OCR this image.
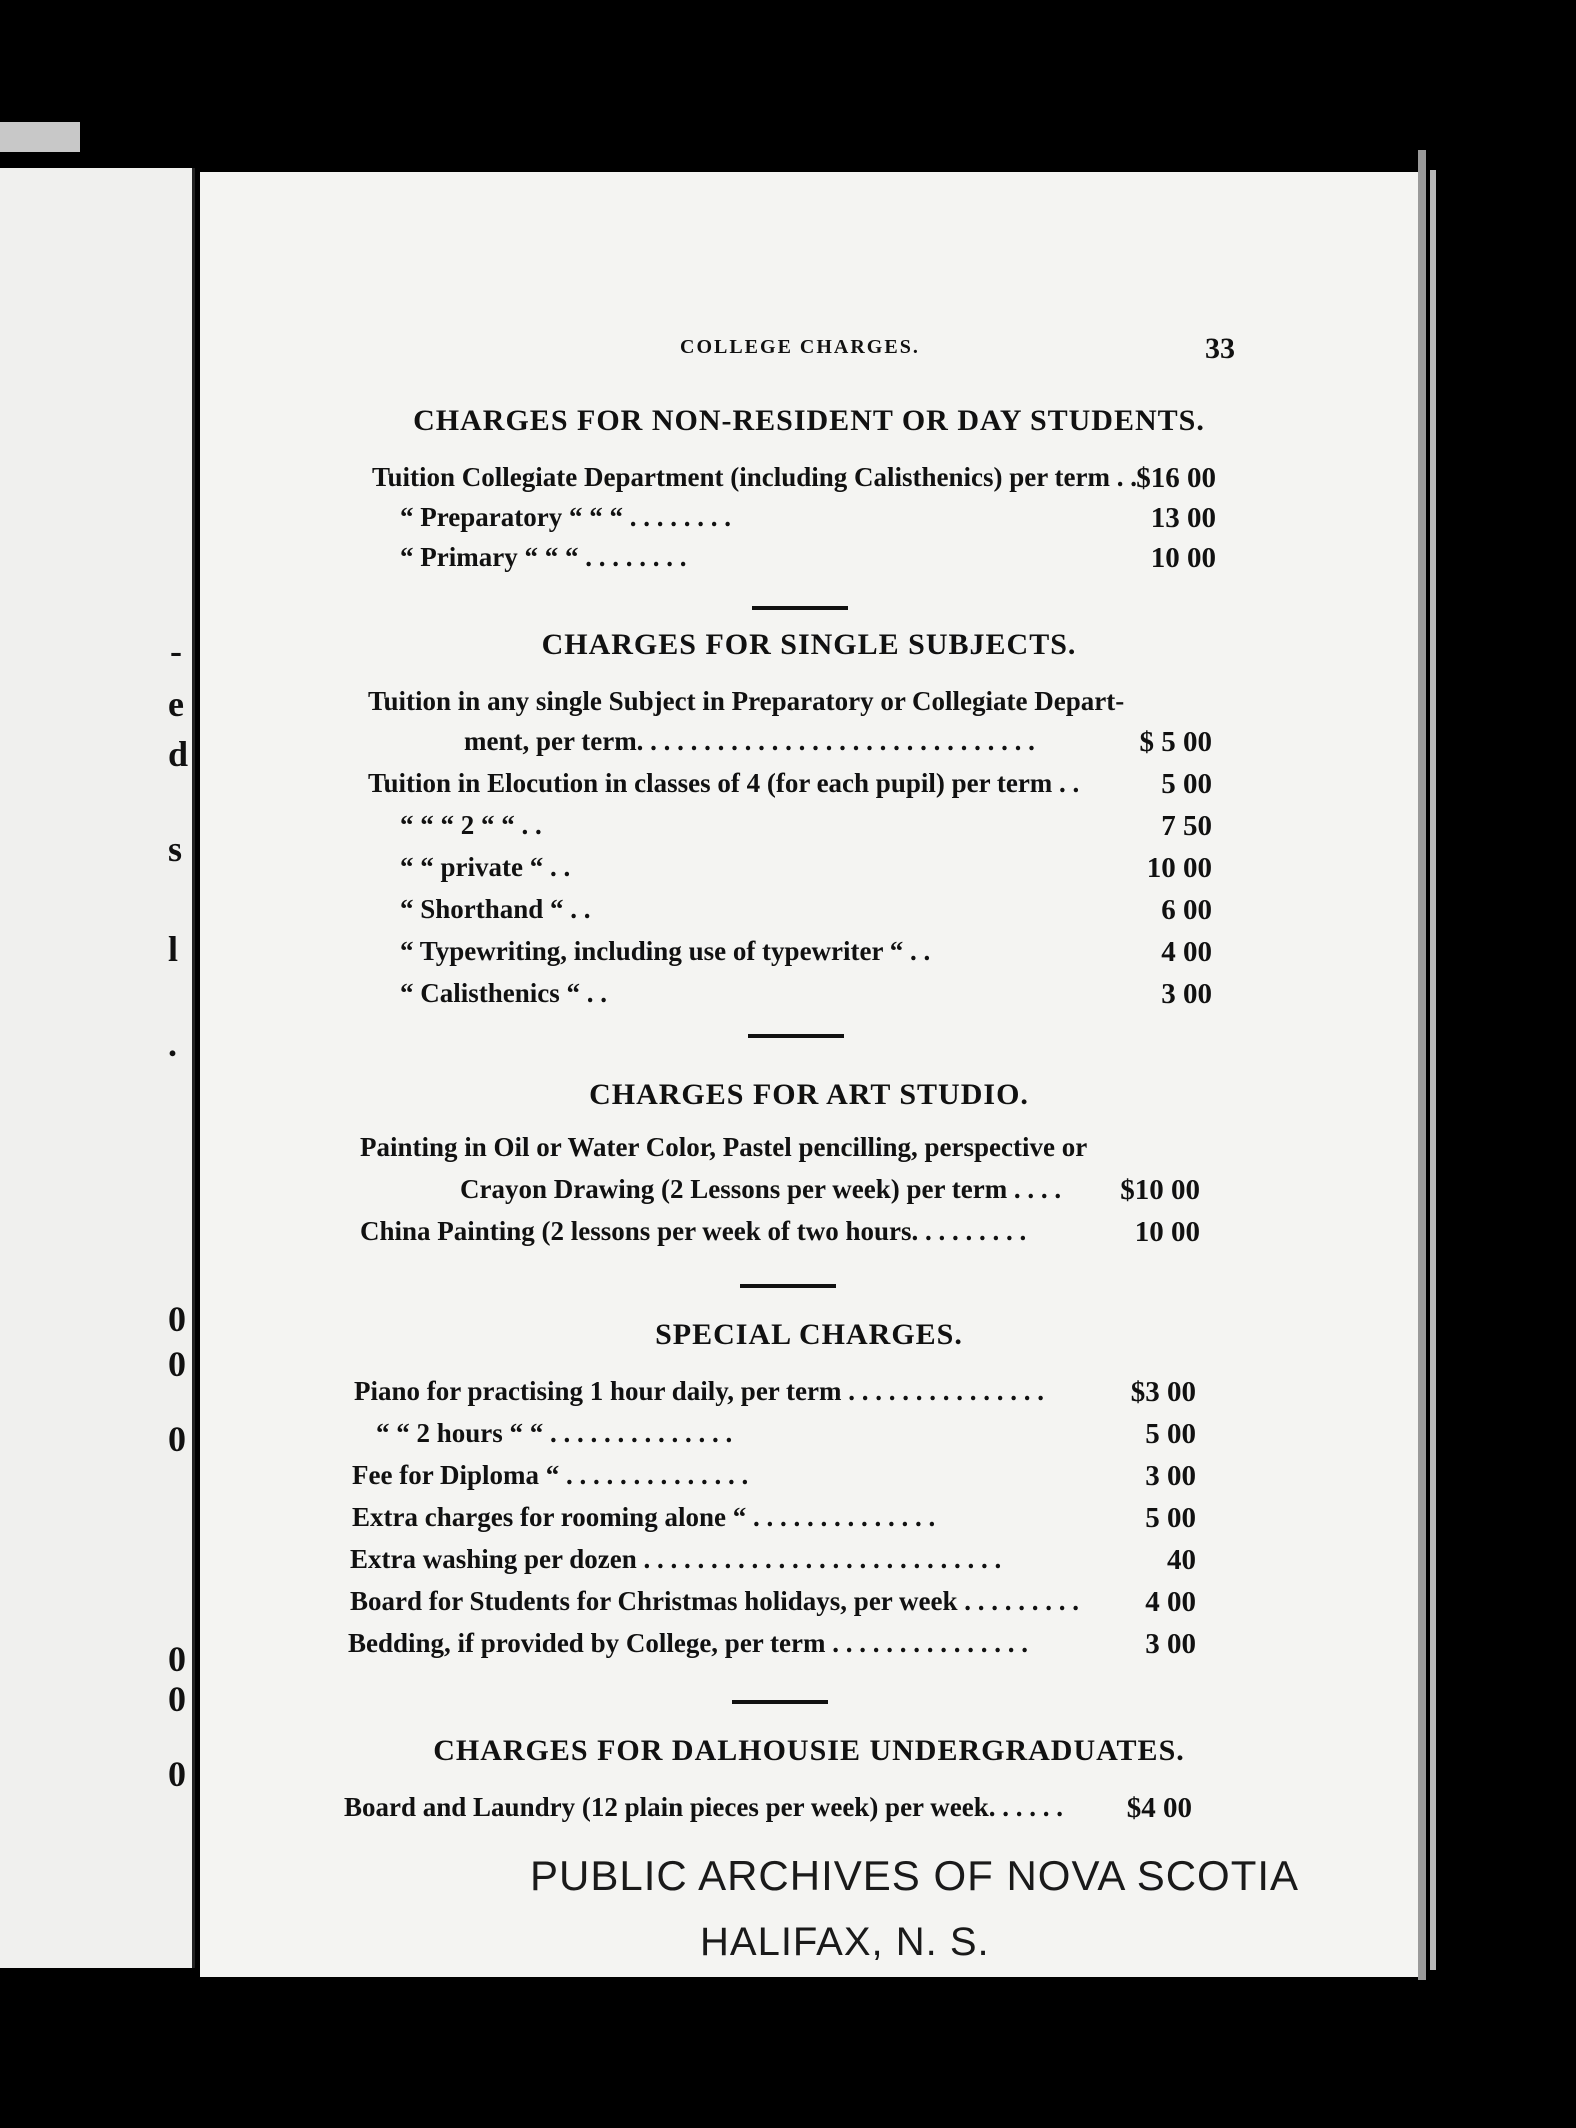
-
e
d
s
l
.
0
0
0
0
0
0
COLLEGE CHARGES.	33
CHARGES FOR NON-RESIDENT OR DAY STUDENTS.
Tuition Collegiate Department (including Calisthenics) per term . . $16 00
“ Preparatory “ “ “ . . . . . . . .	13 00
“ Primary “ “ “ . . . . . . . .	10 00
CHARGES FOR SINGLE SUBJECTS.
Tuition in any single Subject in Preparatory or Collegiate Depart-
ment, per term. . . . . . . . . . . . . . . . . . . . . . . . . . . . . .	$ 5 00
Tuition in Elocution in classes of 4 (for each pupil) per term . .	5 00
“ “ “ 2 “ “ . .	7 50
“ “ private “ . .	10 00
“ Shorthand “ . .	6 00
“ Typewriting, including use of typewriter “ . .	4 00
“ Calisthenics “ . .	3 00
CHARGES FOR ART STUDIO.
Painting in Oil or Water Color, Pastel pencilling, perspective or
Crayon Drawing (2 Lessons per week) per term . . . .	$10 00
China Painting (2 lessons per week of two hours. . . . . . . . .	10 00
SPECIAL CHARGES.
Piano for practising 1 hour daily, per term . . . . . . . . . . . . . . .	$3 00
“ “ 2 hours “ “ . . . . . . . . . . . . . .	5 00
Fee for Diploma “ . . . . . . . . . . . . . .	3 00
Extra charges for rooming alone “ . . . . . . . . . . . . . .	5 00
Extra washing per dozen . . . . . . . . . . . . . . . . . . . . . . . . . . .	40
Board for Students for Christmas holidays, per week . . . . . . . . .	4 00
Bedding, if provided by College, per term . . . . . . . . . . . . . . .	3 00
CHARGES FOR DALHOUSIE UNDERGRADUATES.
Board and Laundry (12 plain pieces per week) per week. . . . . .	$4 00
PUBLIC ARCHIVES OF NOVA SCOTIA
HALIFAX, N. S.
